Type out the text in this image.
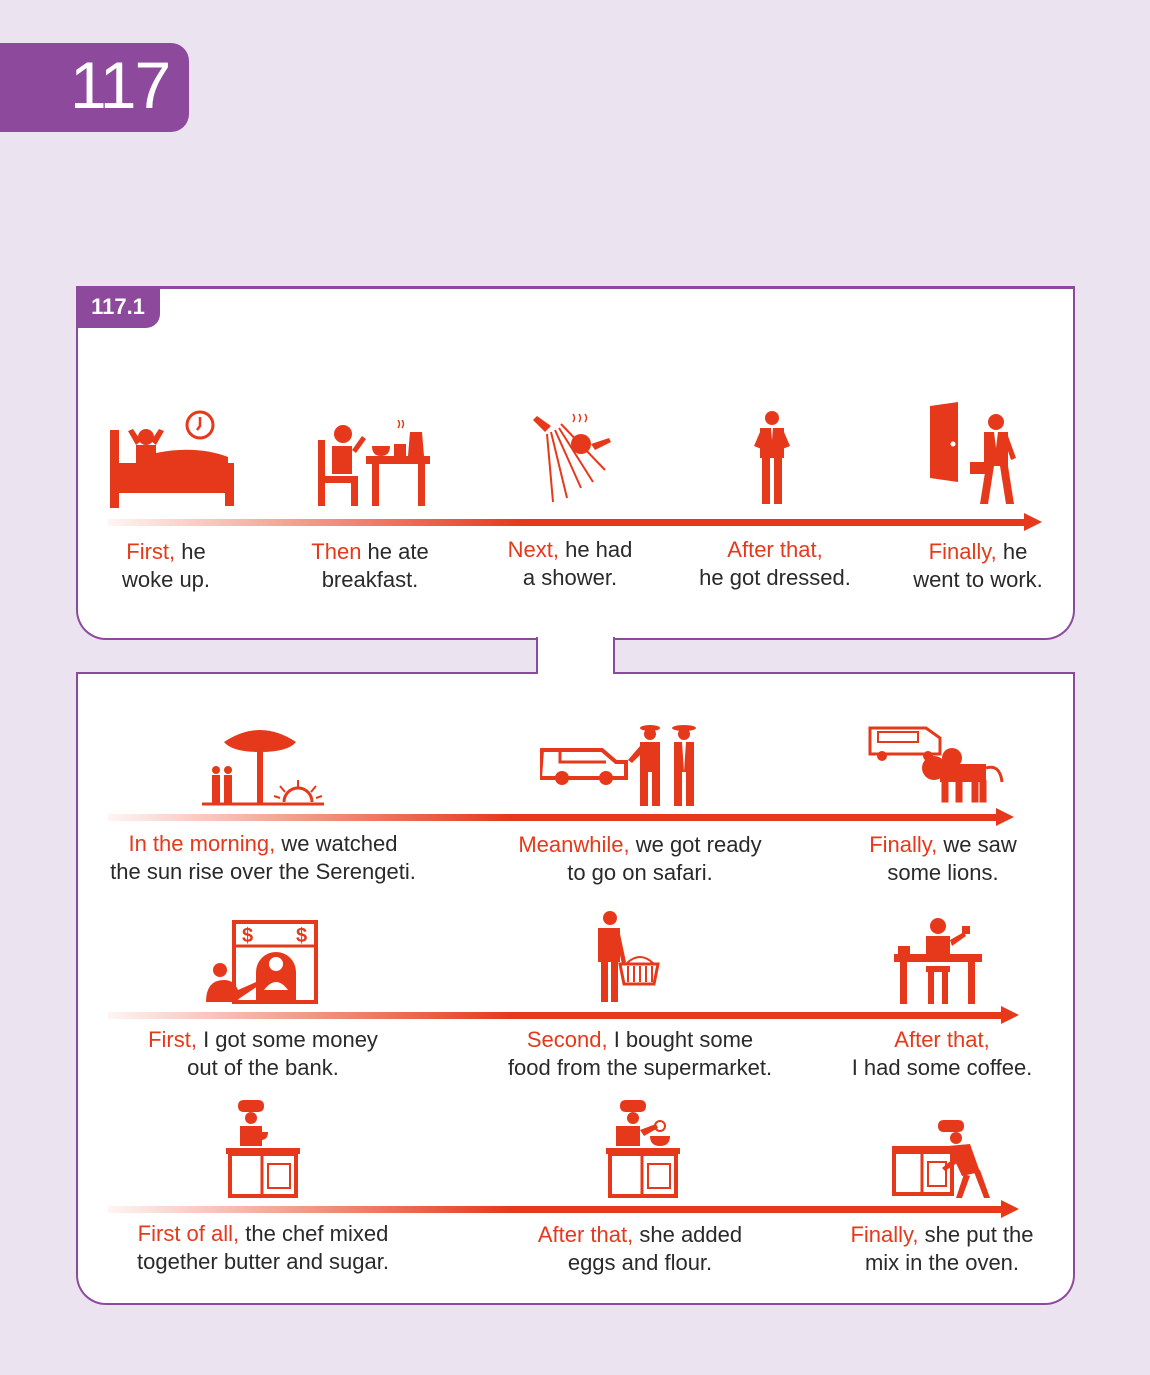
117
117.1
First, he
woke up.
Then he ate
breakfast.
Next, he had
a shower.
After that,
he got dressed.
Finally, he
went to work.
In the morning, we watched
the sun rise over the Serengeti.
Meanwhile, we got ready
to go on safari.
Finally, we saw
some lions.
$ $
First, I got some money
out of the bank.
Second, I bought some
food from the supermarket.
After that,
I had some coffee.
First of all, the chef mixed
together butter and sugar.
After that, she added
eggs and flour.
Finally, she put the
mix in the oven.
